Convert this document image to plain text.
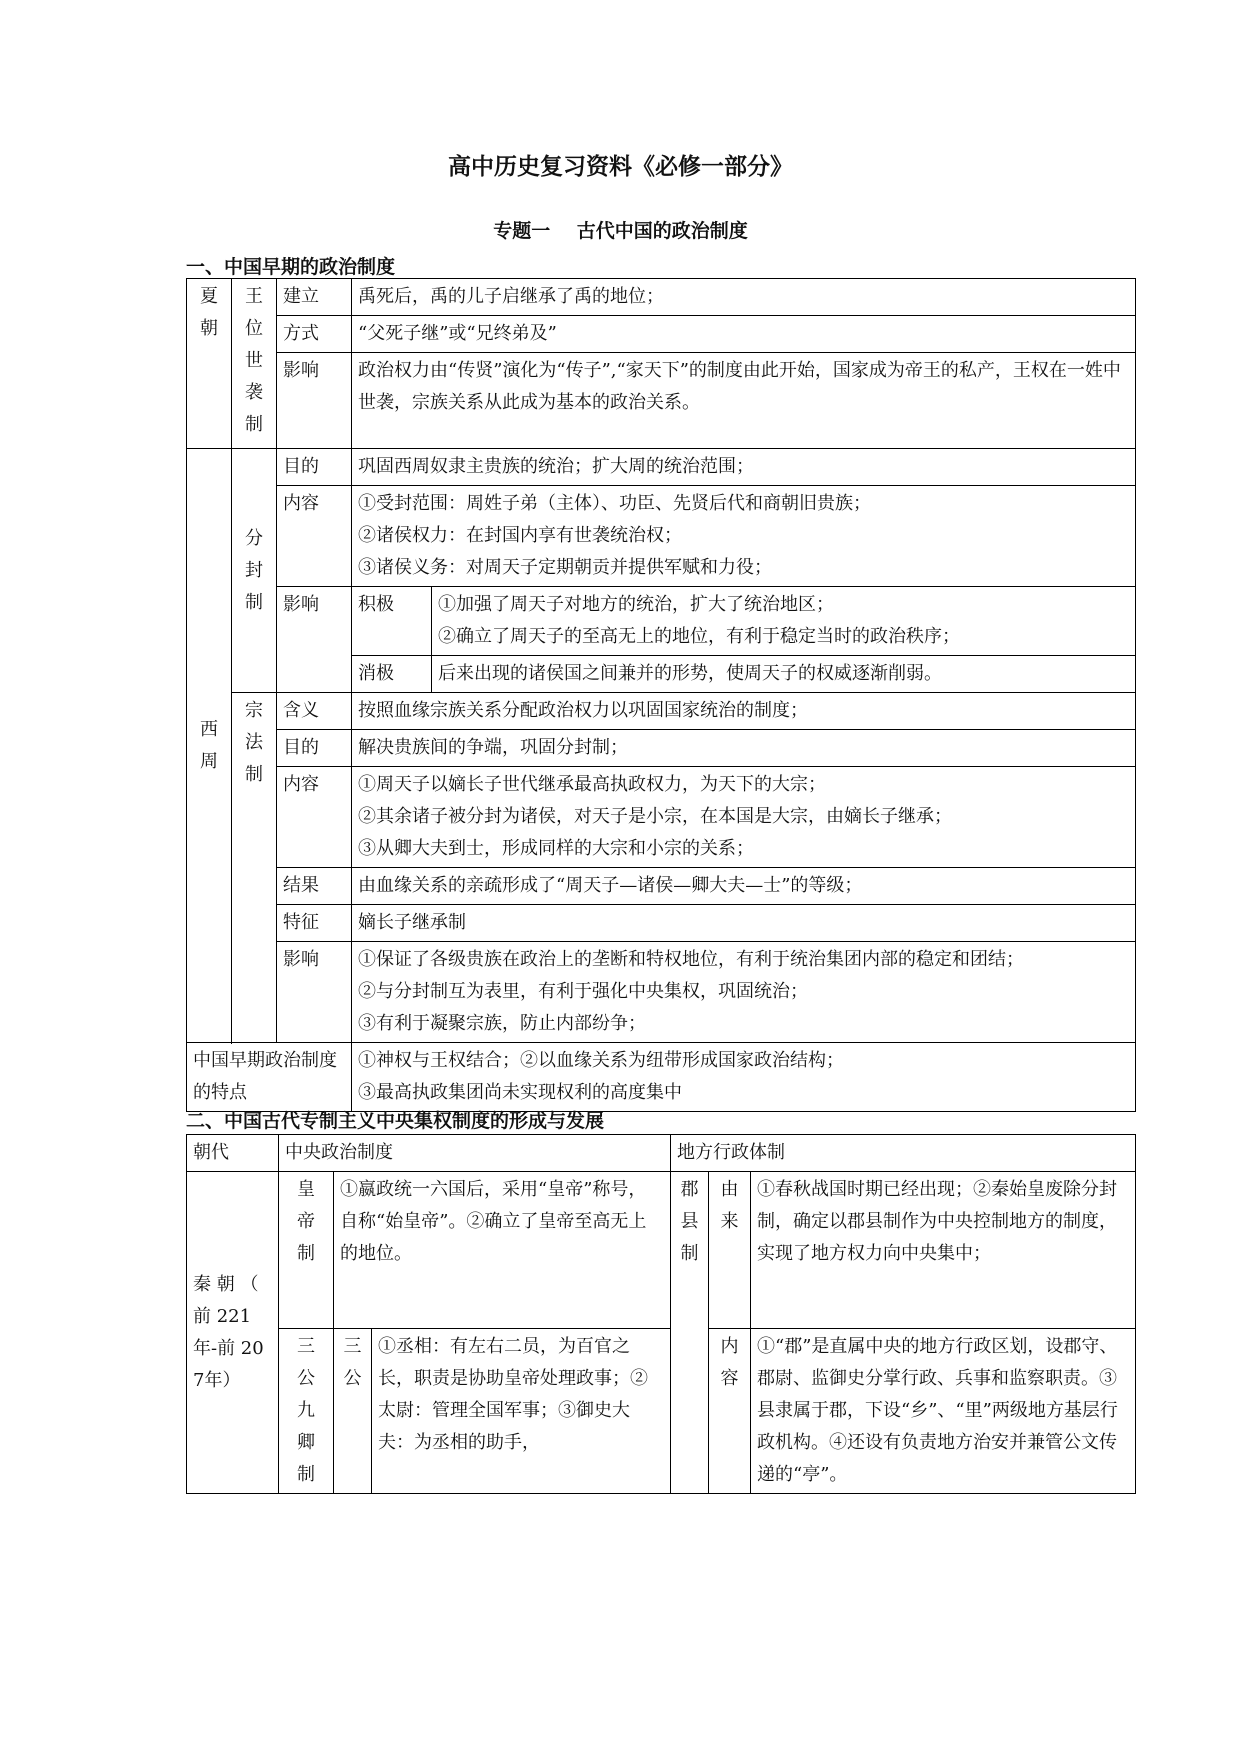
高中历史复习资料《必修一部分》
专题一    古代中国的政治制度
一、中国早期的政治制度
夏朝	王位世袭制	建立	禹死后，禹的儿子启继承了禹的地位；	
		方式	“父死子继”或“兄终弟及”	
		影响	政治权力由“传贤”演化为“传子”,“家天下”的制度由此开始，国家成为帝王的私产，王权在一姓中世袭，宗族关系从此成为基本的政治关系。	

西周	分封制	目的	巩固西周奴隶主贵族的统治；扩大周的统治范围；	
		内容	①受封范围：周姓子弟（主体）、功臣、先贤后代和商朝旧贵族；
②诸侯权力：在封国内享有世袭统治权；
③诸侯义务：对周天子定期朝贡并提供军赋和力役；	

		影响	积极	①加强了周天子对地方的统治，扩大了统治地区；
②确立了周天子的至高无上的地位，有利于稳定当时的政治秩序；

			消极	后来出现的诸侯国之间兼并的形势，使周天子的权威逐渐削弱。

	宗法制	含义	按照血缘宗族关系分配政治权力以巩固国家统治的制度；	
		目的	解决贵族间的争端，巩固分封制；	
		内容	①周天子以嫡长子世代继承最高执政权力，为天下的大宗；
②其余诸子被分封为诸侯，对天子是小宗，在本国是大宗，由嫡长子继承；
③从卿大夫到士，形成同样的大宗和小宗的关系；	

		结果	由血缘关系的亲疏形成了“周天子—诸侯—卿大夫—士”的等级；	
		特征	嫡长子继承制	
		影响	①保证了各级贵族在政治上的垄断和特权地位，有利于统治集团内部的稳定和团结；
②与分封制互为表里，有利于强化中央集权，巩固统治；
③有利于凝聚宗族，防止内部纷争；	

中国早期政治制度的特点			①神权与王权结合；②以血缘关系为纽带形成国家政治结构；
③最高执政集团尚未实现权利的高度集中	
二、中国古代专制主义中央集权制度的形成与发展
朝代	中央政治制度			地方行政体制		
秦 朝 （ 前 221年-前 207年）	皇帝制	①嬴政统一六国后，采用“皇帝”称号，自称“始皇帝”。②确立了皇帝至高无上的地位。		郡县制	由来	①春秋战国时期已经出现；②秦始皇废除分封制，确定以郡县制作为中央控制地方的制度，实现了地方权力向中央集中；

	三公九卿制	三公	①丞相：有左右二员，为百官之长，职责是协助皇帝处理政事；②太尉：管理全国军事；③御史大夫：为丞相的助手，		内容	①“郡”是直属中央的地方行政区划，设郡守、郡尉、监御史分掌行政、兵事和监察职责。③县隶属于郡，下设“乡”、“里”两级地方基层行政机构。④还设有负责地方治安并兼管公文传递的“亭”。
